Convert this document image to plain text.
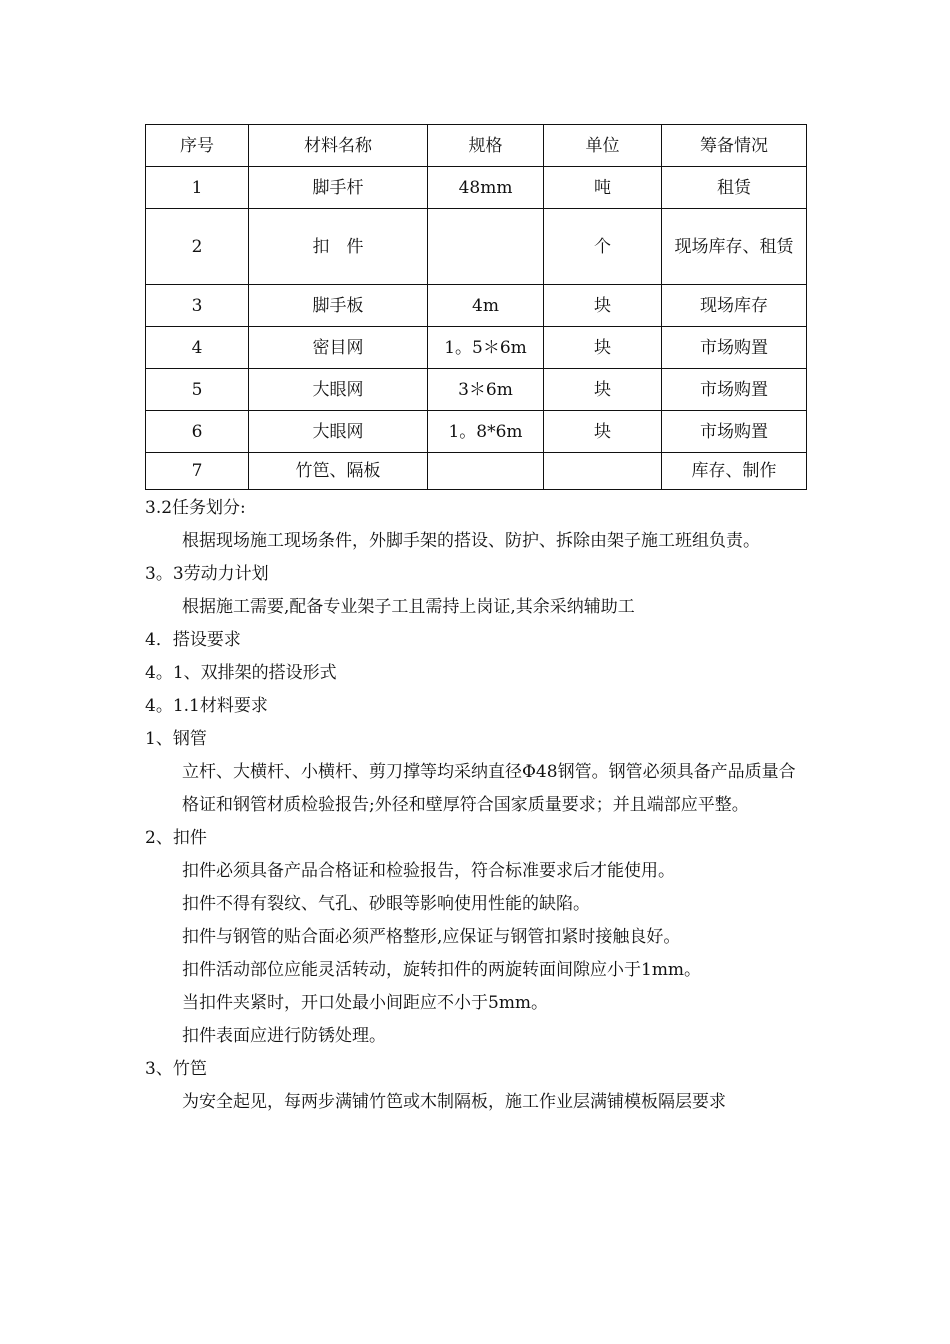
序号	材料名称	规格	单位	筹备情况
1	脚手杆	48mm	吨	租赁
2	扣　件		个	现场库存、租赁
3	脚手板	4m	块	现场库存
4	密目网	1。5＊6m	块	市场购置
5	大眼网	3＊6m	块	市场购置
6	大眼网	1。8*6m	块	市场购置
7	竹笆、隔板			库存、制作

3.2任务划分:

根据现场施工现场条件，外脚手架的搭设、防护、拆除由架子施工班组负责。

3。3劳动力计划

根据施工需要,配备专业架子工且需持上岗证,其余采纳辅助工

4．搭设要求

4。1、双排架的搭设形式

4。1.1材料要求

1、钢管

立杆、大横杆、小横杆、剪刀撑等均采纳直径Φ48钢管。钢管必须具备产品质量合格证和钢管材质检验报告;外径和壁厚符合国家质量要求；并且端部应平整。

2、扣件

扣件必须具备产品合格证和检验报告，符合标准要求后才能使用。

扣件不得有裂纹、气孔、砂眼等影响使用性能的缺陷。

扣件与钢管的贴合面必须严格整形,应保证与钢管扣紧时接触良好。

扣件活动部位应能灵活转动，旋转扣件的两旋转面间隙应小于1mm。

当扣件夹紧时，开口处最小间距应不小于5mm。

扣件表面应进行防锈处理。

3、竹笆

为安全起见，每两步满铺竹笆或木制隔板，施工作业层满铺模板隔层要求
